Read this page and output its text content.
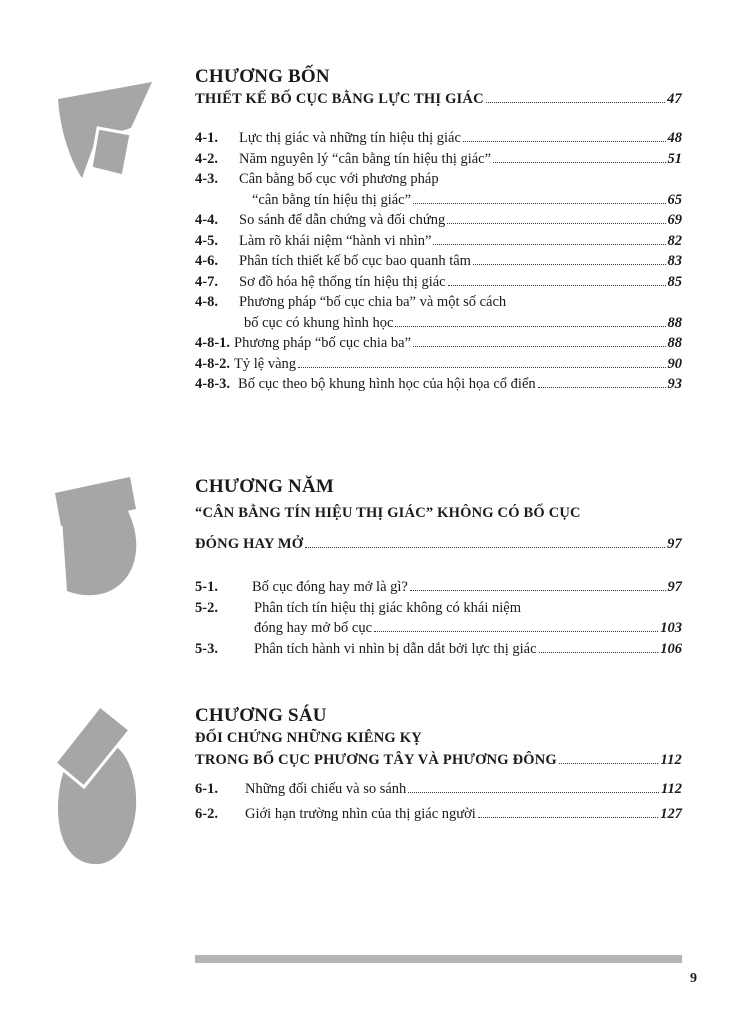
CHƯƠNG BỐN
THIẾT KẾ BỐ CỤC BẰNG LỰC THỊ GIÁC	47
4-1.	Lực thị giác và những tín hiệu thị giác	48
4-2.	Năm nguyên lý “cân bằng tín hiệu thị giác”	51
4-3.	Cân bằng bố cục với phương pháp
“cân bằng tín hiệu thị giác”	65
4-4.	So sánh để dẫn chứng và đối chứng	69
4-5.	Làm rõ khái niệm “hành vi nhìn”	82
4-6.	Phân tích thiết kế bố cục bao quanh tâm	83
4-7.	Sơ đồ hóa hệ thống tín hiệu thị giác	85
4-8.	Phương pháp “bố cục chia ba” và một số cách
bố cục có khung hình học	88
4-8-1. Phương pháp “bố cục chia ba”	88
4-8-2. Tỷ lệ vàng	90
4-8-3. Bố cục theo bộ khung hình học của hội họa cổ điển	93
CHƯƠNG NĂM
“CÂN BẰNG TÍN HIỆU THỊ GIÁC” KHÔNG CÓ BỐ CỤC
ĐÓNG HAY MỞ	97
5-1.	Bố cục đóng hay mở là gì?	97
5-2.	Phân tích tín hiệu thị giác không có khái niệm
đóng hay mở bố cục	103
5-3.	Phân tích hành vi nhìn bị dẫn dắt bởi lực thị giác	106
CHƯƠNG SÁU
ĐỐI CHỨNG NHỮNG KIÊNG KỴ
TRONG BỐ CỤC PHƯƠNG TÂY VÀ PHƯƠNG ĐÔNG	112
6-1.	Những đối chiếu và so sánh	112
6-2.	Giới hạn trường nhìn của thị giác người	127
9
